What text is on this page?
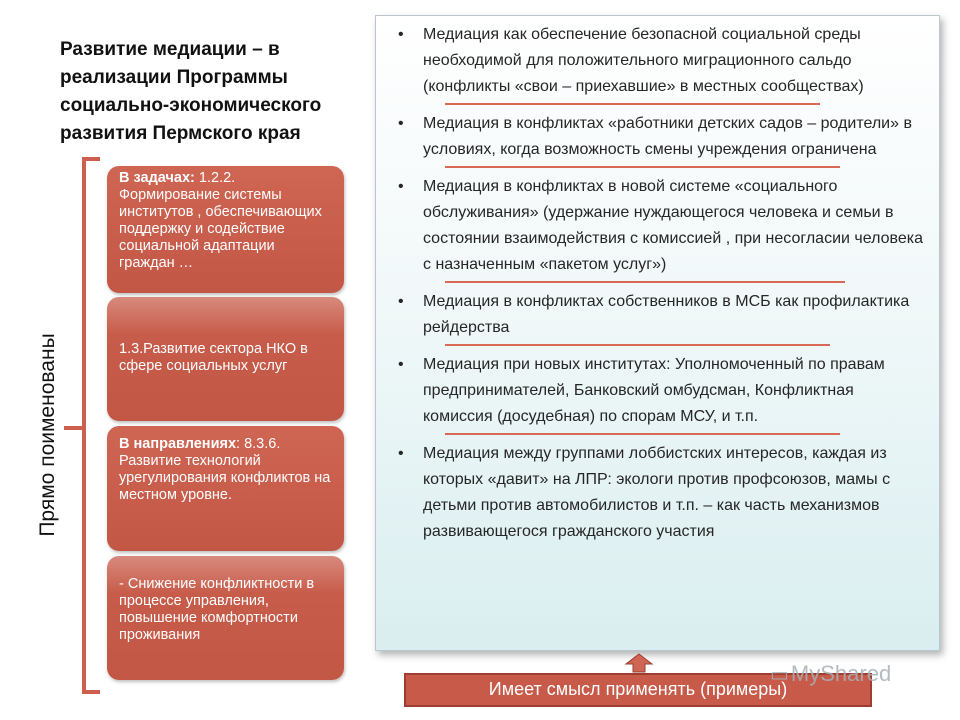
Развитие медиации – в реализации Программы социально-экономического развития Пермского края
Прямо поименованы
В задачах: 1.2.2. Формирование системы институтов , обеспечивающих поддержку и содействие социальной адаптации граждан …
1.3.Развитие сектора НКО в сфере социальных услуг
В направлениях: 8.3.6. Развитие технологий урегулирования конфликтов на местном уровне.
- Снижение конфликтности в процессе управления, повышение комфортности проживания
• Медиация как обеспечение безопасной социальной среды необходимой для положительного миграционного сальдо (конфликты «свои – приехавшие» в местных сообществах)
• Медиация в конфликтах «работники детских садов – родители» в условиях, когда возможность смены учреждения ограничена
• Медиация в конфликтах в новой системе «социального обслуживания» (удержание нуждающегося человека и семьи в состоянии взаимодействия с комиссией , при несогласии человека с назначенным «пакетом услуг»)
• Медиация в конфликтах собственников в МСБ как профилактика рейдерства
• Медиация при новых институтах: Уполномоченный по правам предпринимателей, Банковский омбудсман, Конфликтная комиссия (досудебная) по спорам МСУ, и т.п.
• Медиация между группами лоббистских интересов, каждая из которых «давит» на ЛПР: экологи против профсоюзов, мамы с детьми против автомобилистов и т.п. – как часть механизмов развивающегося гражданского участия
Имеет смысл применять (примеры)
▭MyShared
